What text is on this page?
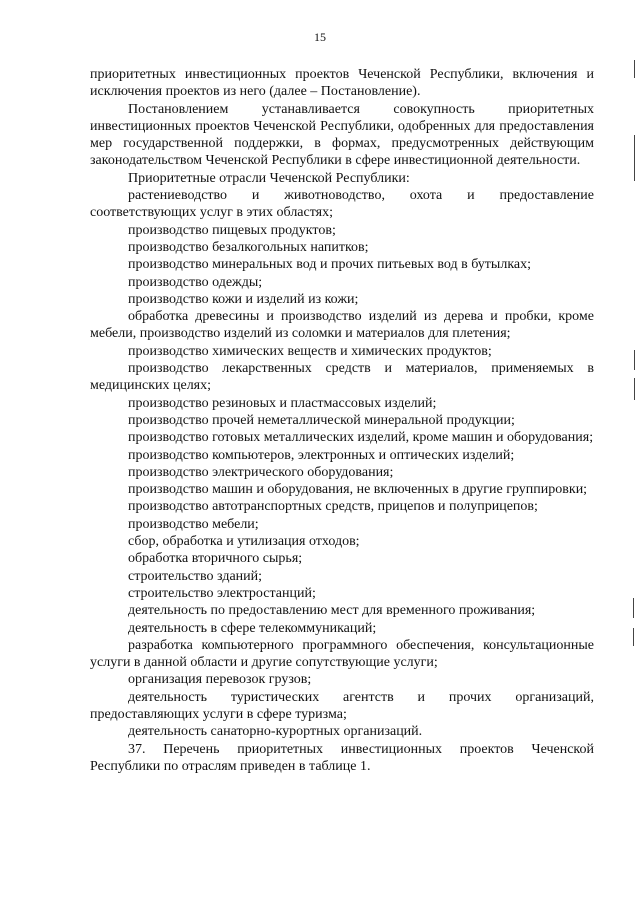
15

приоритетных инвестиционных проектов Чеченской Республики, включения и исключения проектов из него (далее – Постановление).

Постановлением устанавливается совокупность приоритетных инвестиционных проектов Чеченской Республики, одобренных для предоставления мер государственной поддержки, в формах, предусмотренных действующим законодательством Чеченской Республики в сфере инвестиционной деятельности.

Приоритетные отрасли Чеченской Республики:

растениеводство и животноводство, охота и предоставление соответствующих услуг в этих областях;

производство пищевых продуктов;

производство безалкогольных напитков;

производство минеральных вод и прочих питьевых вод в бутылках;

производство одежды;

производство кожи и изделий из кожи;

обработка древесины и производство изделий из дерева и пробки, кроме мебели, производство изделий из соломки и материалов для плетения;

производство химических веществ и химических продуктов;

производство лекарственных средств и материалов, применяемых в медицинских целях;

производство резиновых и пластмассовых изделий;

производство прочей неметаллической минеральной продукции;

производство готовых металлических изделий, кроме машин и оборудования;

производство компьютеров, электронных и оптических изделий;

производство электрического оборудования;

производство машин и оборудования, не включенных в другие группировки;

производство автотранспортных средств, прицепов и полуприцепов;

производство мебели;

сбор, обработка и утилизация отходов;

обработка вторичного сырья;

строительство зданий;

строительство электростанций;

деятельность по предоставлению мест для временного проживания;

деятельность в сфере телекоммуникаций;

разработка компьютерного программного обеспечения, консультационные услуги в данной области и другие сопутствующие услуги;

организация перевозок грузов;

деятельность туристических агентств и прочих организаций, предоставляющих услуги в сфере туризма;

деятельность санаторно-курортных организаций.

37. Перечень приоритетных инвестиционных проектов Чеченской Республики по отраслям приведен в таблице 1.
